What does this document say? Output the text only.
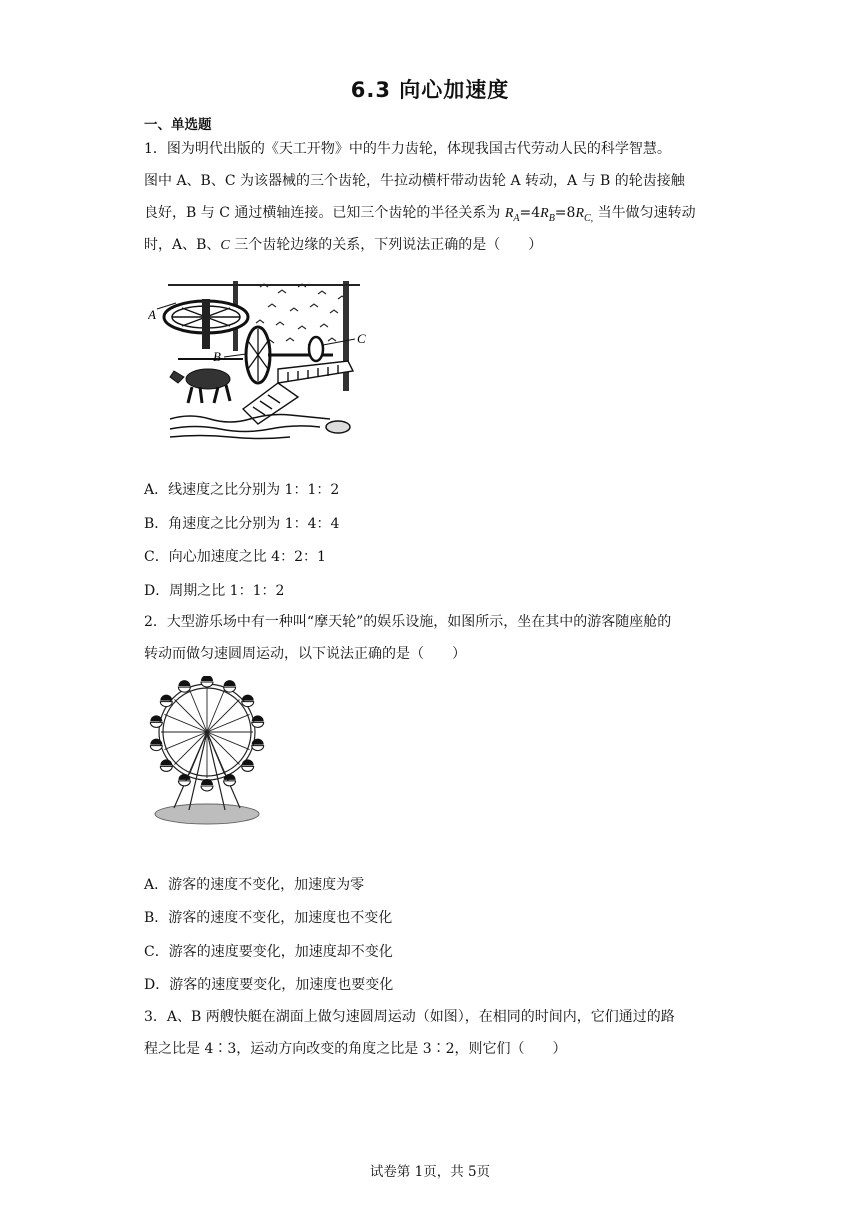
6.3 向心加速度
一、单选题
1．图为明代出版的《天工开物》中的牛力齿轮，体现我国古代劳动人民的科学智慧。
图中 A、B、C 为该器械的三个齿轮，牛拉动横杆带动齿轮 A 转动，A 与 B 的轮齿接触
良好，B 与 C 通过横轴连接。已知三个齿轮的半径关系为 $R_A=4R_B=8R_{C,}$ 当牛做匀速转动
时，A、B、C 三个齿轮边缘的关系，下列说法正确的是（　　）
A
B
C
A．线速度之比分别为 1：1：2
B．角速度之比分别为 1：4：4
C．向心加速度之比 4：2：1
D．周期之比 1：1：2
2．大型游乐场中有一种叫“摩天轮”的娱乐设施，如图所示，坐在其中的游客随座舱的
转动而做匀速圆周运动，以下说法正确的是（　　）
A．游客的速度不变化，加速度为零
B．游客的速度不变化，加速度也不变化
C．游客的速度要变化，加速度却不变化
D．游客的速度要变化，加速度也要变化
3．A、B 两艘快艇在湖面上做匀速圆周运动（如图），在相同的时间内，它们通过的路
程之比是 4∶3，运动方向改变的角度之比是 3∶2，则它们（　　）
试卷第 1页，共 5页
